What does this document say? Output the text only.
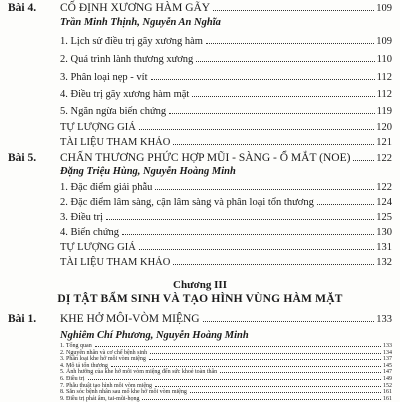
Bài 4. CỐ ĐỊNH XƯƠNG HÀM GÃY	109
Trần Minh Thịnh, Nguyễn An Nghĩa
1. Lịch sử điều trị gãy xương hàm	109
2. Quá trình lành thương xương	110
3. Phân loại nẹp - vít	112
4. Điều trị gãy xương hàm mặt	112
5. Ngăn ngừa biến chứng	119
TỰ LƯỢNG GIÁ	120
TÀI LIỆU THAM KHẢO	121
Bài 5. CHẤN THƯƠNG PHỨC HỢP MŨI - SÀNG - Ổ MẮT (NOE) 122
Đặng Triệu Hùng, Nguyễn Hoàng Minh
1. Đặc điểm giải phẫu	122
2. Đặc điểm lâm sàng, cận lâm sàng và phân loại tổn thương	124
3. Điều trị	125
4. Biến chứng	130
TỰ LƯỢNG GIÁ	131
TÀI LIỆU THAM KHẢO	132
Chương III
DỊ TẬT BẨM SINH VÀ TẠO HÌNH VÙNG HÀM MẶT
Bài 1. KHE HỞ MÔI-VÒM MIỆNG	133
Nghiêm Chí Phương, Nguyễn Hoàng Minh
1. Tổng quan	133
2. Nguyên nhân và cơ chế bệnh sinh	134
3. Phân loại khe hở môi vòm miệng	137
4. Mô tả tổn thương	145
5. Ảnh hưởng của khe hở môi vòm miệng đến sức khoẻ toàn thân	147
6. Điều trị	149
7. Phẫu thuật tạo hình môi vòm miệng	152
8. Săn sóc bệnh nhân sau mổ khe hở môi vòm miệng	161
9. Điều trị phát âm, tai-mũi-họng	161
